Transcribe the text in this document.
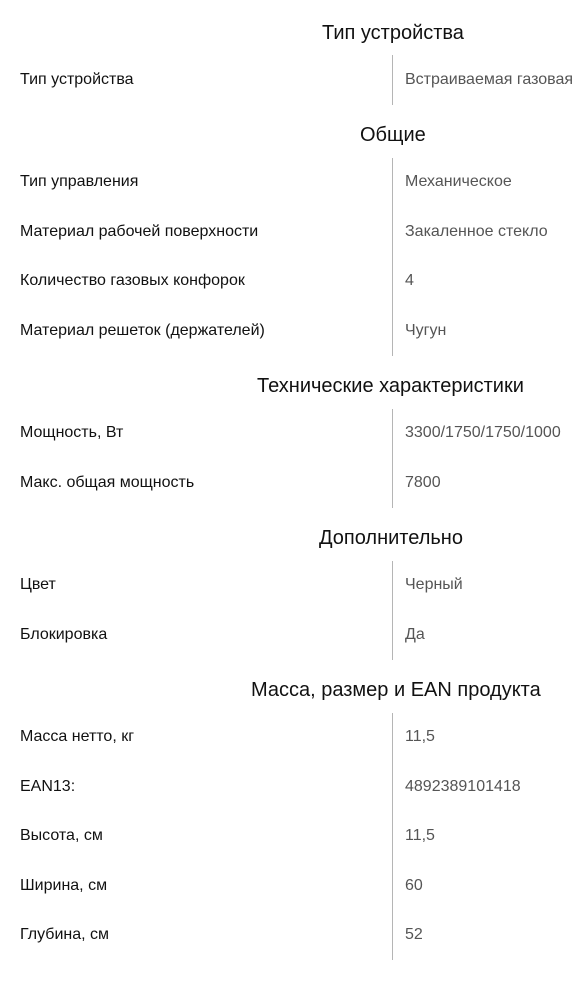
Тип устройства
Тип устройства	Встраиваемая газовая
Общие
Тип управления	Механическое
Материал рабочей поверхности	Закаленное стекло
Количество газовых конфорок	4
Материал решеток (держателей)	Чугун
Технические характеристики
Мощность, Вт	3300/1750/1750/1000
Макс. общая мощность	7800
Дополнительно
Цвет	Черный
Блокировка	Да
Масса, размер и EAN продукта
Масса нетто, кг	11,5
EAN13:	4892389101418
Высота, см	11,5
Ширина, см	60
Глубина, см	52
